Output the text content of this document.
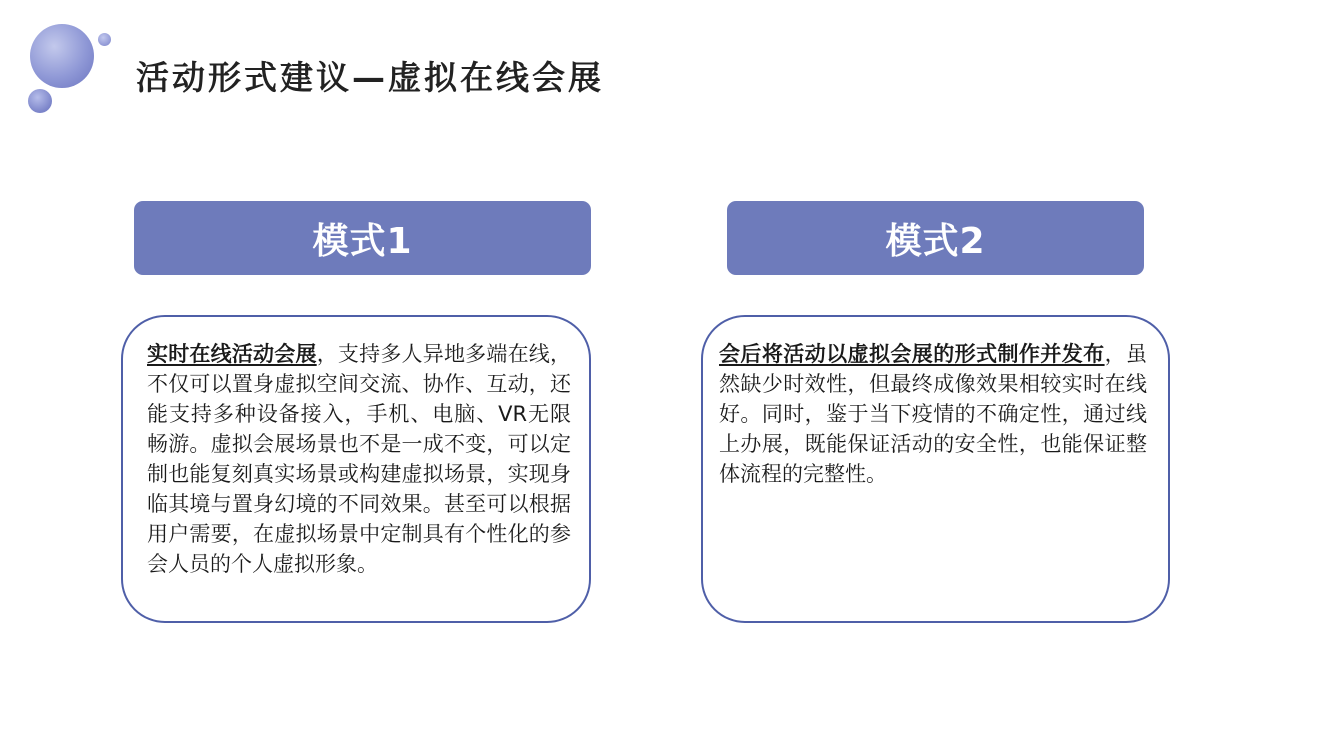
活动形式建议—虚拟在线会展
模式1	模式2
实时在线活动会展，支持多人异地多端在线，不仅可以置身虚拟空间交流、协作、互动，还能支持多种设备接入，手机、电脑、VR无限畅游。虚拟会展场景也不是一成不变，可以定制也能复刻真实场景或构建虚拟场景，实现身临其境与置身幻境的不同效果。甚至可以根据用户需要，在虚拟场景中定制具有个性化的参会人员的个人虚拟形象。
会后将活动以虚拟会展的形式制作并发布，虽然缺少时效性，但最终成像效果相较实时在线好。同时，鉴于当下疫情的不确定性，通过线上办展，既能保证活动的安全性，也能保证整体流程的完整性。
